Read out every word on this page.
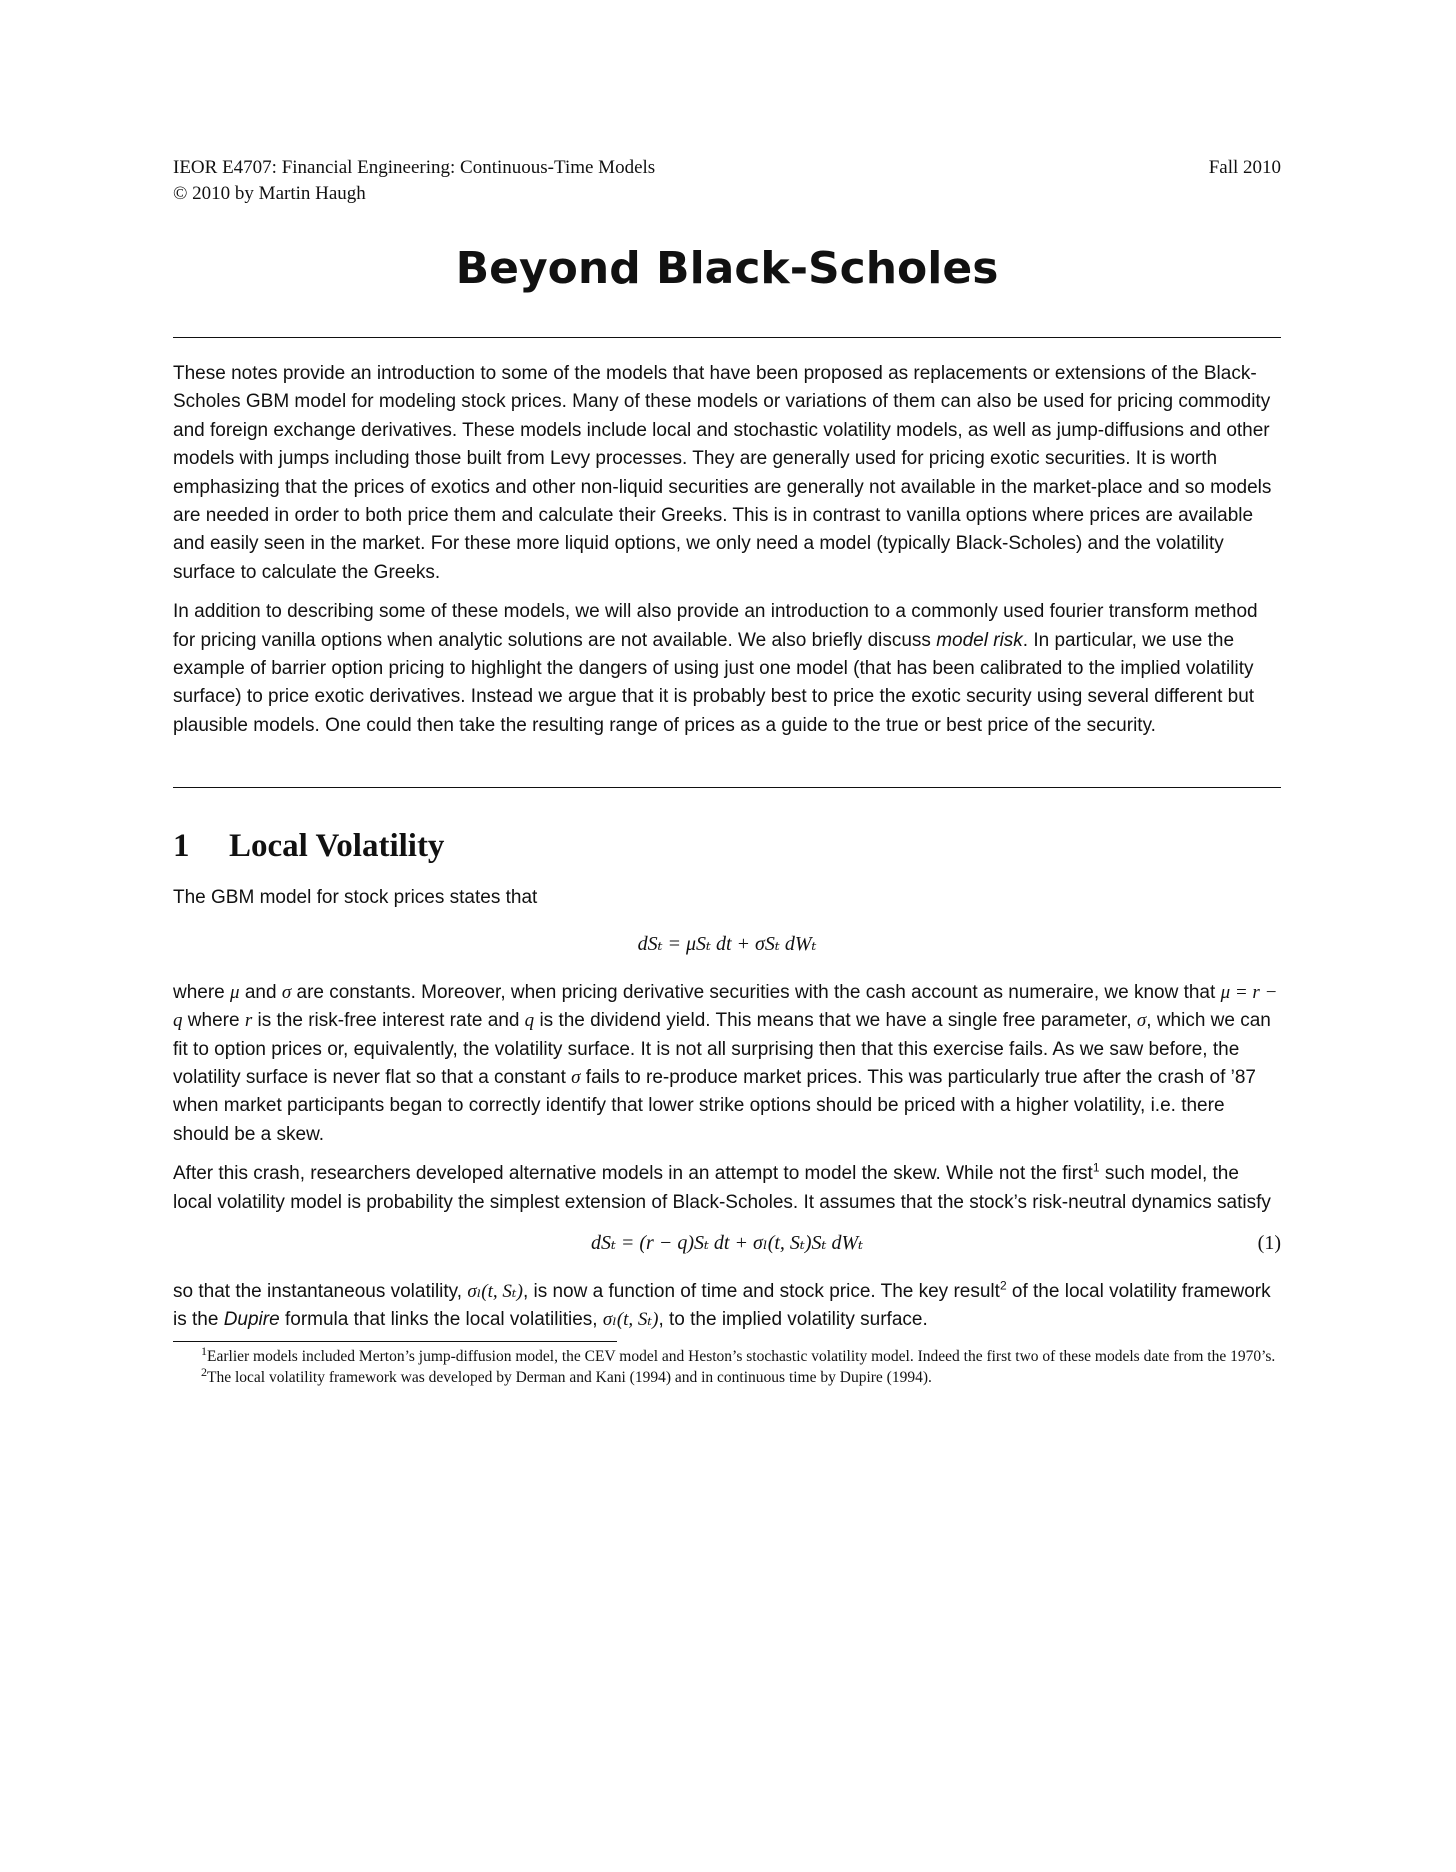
IEOR E4707: Financial Engineering: Continuous-Time Models	Fall 2010
© 2010 by Martin Haugh
Beyond Black-Scholes

These notes provide an introduction to some of the models that have been proposed as replacements or extensions of the Black-Scholes GBM model for modeling stock prices. Many of these models or variations of them can also be used for pricing commodity and foreign exchange derivatives. These models include local and stochastic volatility models, as well as jump-diffusions and other models with jumps including those built from Levy processes. They are generally used for pricing exotic securities. It is worth emphasizing that the prices of exotics and other non-liquid securities are generally not available in the market-place and so models are needed in order to both price them and calculate their Greeks. This is in contrast to vanilla options where prices are available and easily seen in the market. For these more liquid options, we only need a model (typically Black-Scholes) and the volatility surface to calculate the Greeks.

In addition to describing some of these models, we will also provide an introduction to a commonly used fourier transform method for pricing vanilla options when analytic solutions are not available. We also briefly discuss model risk. In particular, we use the example of barrier option pricing to highlight the dangers of using just one model (that has been calibrated to the implied volatility surface) to price exotic derivatives. Instead we argue that it is probably best to price the exotic security using several different but plausible models. One could then take the resulting range of prices as a guide to the true or best price of the security.

1 Local Volatility

The GBM model for stock prices states that

dSₜ = μSₜ dt + σSₜ dWₜ

where μ and σ are constants. Moreover, when pricing derivative securities with the cash account as numeraire, we know that μ = r − q where r is the risk-free interest rate and q is the dividend yield. This means that we have a single free parameter, σ, which we can fit to option prices or, equivalently, the volatility surface. It is not all surprising then that this exercise fails. As we saw before, the volatility surface is never flat so that a constant σ fails to re-produce market prices. This was particularly true after the crash of ’87 when market participants began to correctly identify that lower strike options should be priced with a higher volatility, i.e. there should be a skew.

After this crash, researchers developed alternative models in an attempt to model the skew. While not the first$^1$ such model, the local volatility model is probability the simplest extension of Black-Scholes. It assumes that the stock’s risk-neutral dynamics satisfy

dSₜ = (r − q)Sₜ dt + σₗ(t, Sₜ)Sₜ dWₜ	(1)

so that the instantaneous volatility, σₗ(t, Sₜ), is now a function of time and stock price. The key result$^2$ of the local volatility framework is the Dupire formula that links the local volatilities, σₗ(t, Sₜ), to the implied volatility surface.

$^1$Earlier models included Merton’s jump-diffusion model, the CEV model and Heston’s stochastic volatility model. Indeed the first two of these models date from the 1970’s.

$^2$The local volatility framework was developed by Derman and Kani (1994) and in continuous time by Dupire (1994).
